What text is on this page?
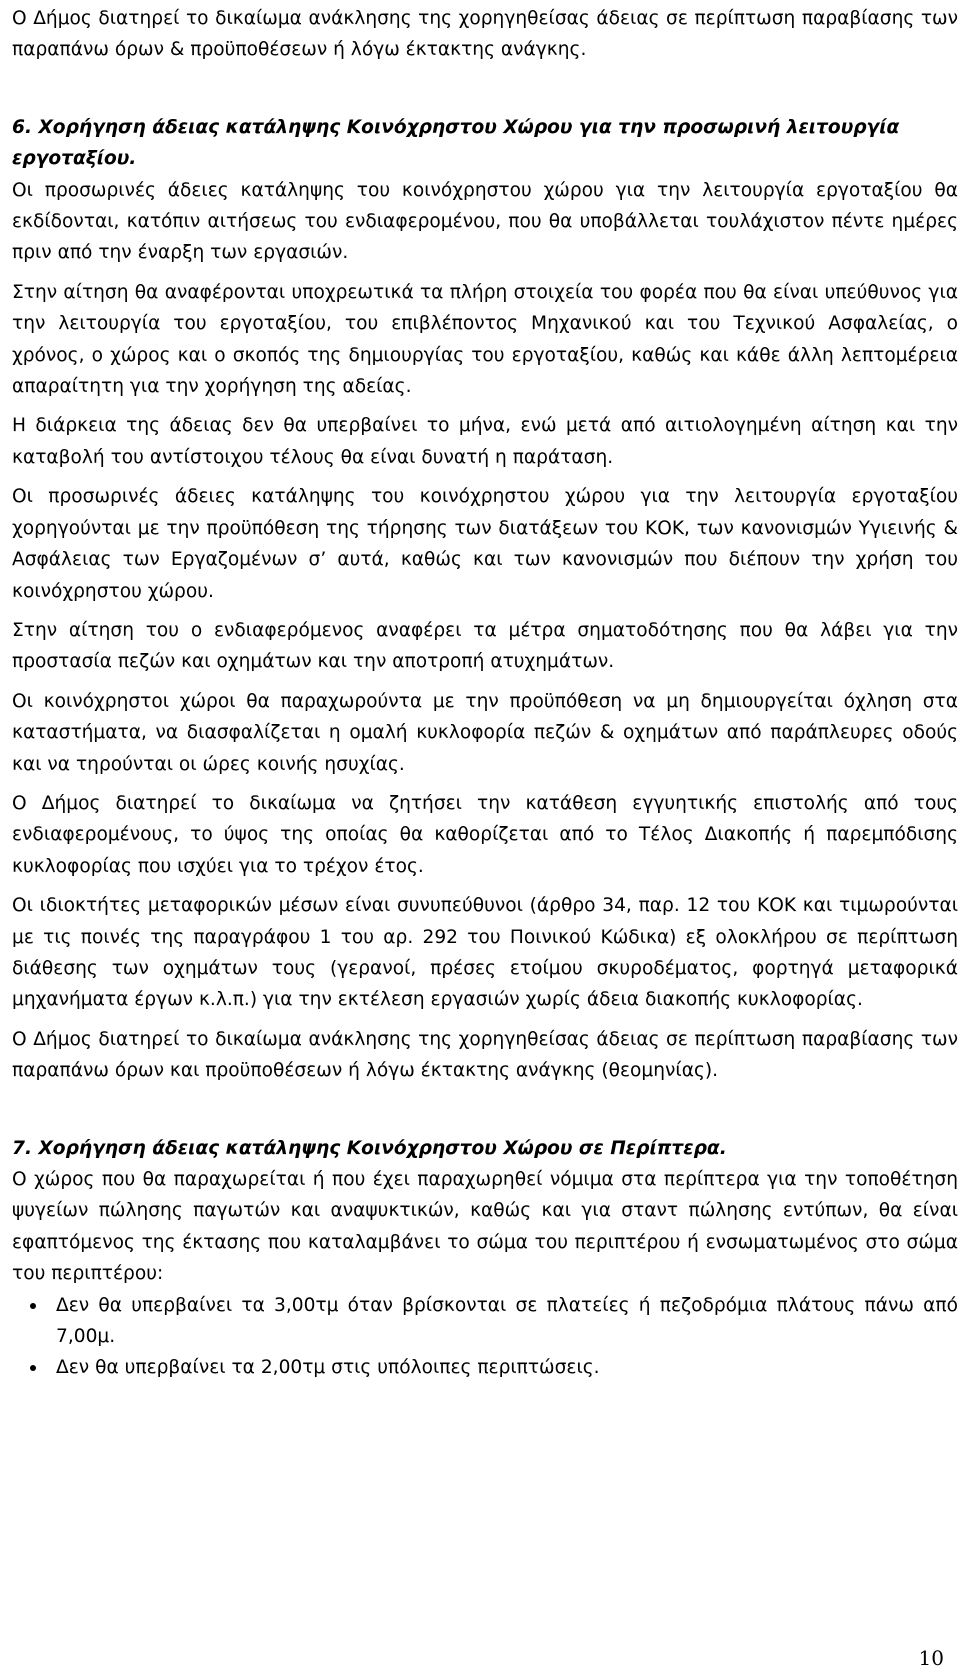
Ο Δήμος διατηρεί το δικαίωμα ανάκλησης της χορηγηθείσας άδειας σε περίπτωση παραβίασης των παραπάνω όρων & προϋποθέσεων ή λόγω έκτακτης ανάγκης.

6. Χορήγηση άδειας κατάληψης Κοινόχρηστου Χώρου για την προσωρινή λειτουργία εργοταξίου.

Οι προσωρινές άδειες κατάληψης του κοινόχρηστου χώρου για την λειτουργία εργοταξίου θα εκδίδονται, κατόπιν αιτήσεως του ενδιαφερομένου, που θα υποβάλλεται τουλάχιστον πέντε ημέρες πριν από την έναρξη των εργασιών.

Στην αίτηση θα αναφέρονται υποχρεωτικά τα πλήρη στοιχεία του φορέα που θα είναι υπεύθυνος για την λειτουργία του εργοταξίου, του επιβλέποντος Μηχανικού και του Τεχνικού Ασφαλείας, ο χρόνος, ο χώρος και ο σκοπός της δημιουργίας του εργοταξίου, καθώς και κάθε άλλη λεπτομέρεια απαραίτητη για την χορήγηση της αδείας.

Η διάρκεια της άδειας δεν θα υπερβαίνει το μήνα, ενώ μετά από αιτιολογημένη αίτηση και την καταβολή του αντίστοιχου τέλους θα είναι δυνατή η παράταση.

Οι προσωρινές άδειες κατάληψης του κοινόχρηστου χώρου για την λειτουργία εργοταξίου χορηγούνται με την προϋπόθεση της τήρησης των διατάξεων του ΚΟΚ, των κανονισμών Υγιεινής & Ασφάλειας των Εργαζομένων σ’ αυτά, καθώς και των κανονισμών που διέπουν την χρήση του κοινόχρηστου χώρου.

Στην αίτηση του ο ενδιαφερόμενος αναφέρει τα μέτρα σηματοδότησης που θα λάβει για την προστασία πεζών και οχημάτων και την αποτροπή ατυχημάτων.

Οι κοινόχρηστοι χώροι θα παραχωρούντα με την προϋπόθεση να μη δημιουργείται όχληση στα καταστήματα, να διασφαλίζεται η ομαλή κυκλοφορία πεζών & οχημάτων από παράπλευρες οδούς και να τηρούνται οι ώρες κοινής ησυχίας.

Ο Δήμος διατηρεί το δικαίωμα να ζητήσει την κατάθεση εγγυητικής επιστολής από τους ενδιαφερομένους, το ύψος της οποίας θα καθορίζεται από το Τέλος Διακοπής ή παρεμπόδισης κυκλοφορίας που ισχύει για το τρέχον έτος.

Οι ιδιοκτήτες μεταφορικών μέσων είναι συνυπεύθυνοι (άρθρο 34, παρ. 12 του ΚΟΚ και τιμωρούνται με τις ποινές της παραγράφου 1 του αρ. 292 του Ποινικού Κώδικα) εξ ολοκλήρου σε περίπτωση διάθεσης των οχημάτων τους (γερανοί, πρέσες ετοίμου σκυροδέματος, φορτηγά μεταφορικά μηχανήματα έργων κ.λ.π.) για την εκτέλεση εργασιών χωρίς άδεια διακοπής κυκλοφορίας.

Ο Δήμος διατηρεί το δικαίωμα ανάκλησης της χορηγηθείσας άδειας σε περίπτωση παραβίασης των παραπάνω όρων και προϋποθέσεων ή λόγω έκτακτης ανάγκης (θεομηνίας).

7. Χορήγηση άδειας κατάληψης Κοινόχρηστου Χώρου σε Περίπτερα.

Ο χώρος που θα παραχωρείται ή που έχει παραχωρηθεί νόμιμα στα περίπτερα για την τοποθέτηση ψυγείων πώλησης παγωτών και αναψυκτικών, καθώς και για σταντ πώλησης εντύπων, θα είναι εφαπτόμενος της έκτασης που καταλαμβάνει το σώμα του περιπτέρου ή ενσωματωμένος στο σώμα του περιπτέρου:

Δεν θα υπερβαίνει τα 3,00τμ όταν βρίσκονται σε πλατείες ή πεζοδρόμια πλάτους πάνω από 7,00μ.
Δεν θα υπερβαίνει τα 2,00τμ στις υπόλοιπες περιπτώσεις.
10
